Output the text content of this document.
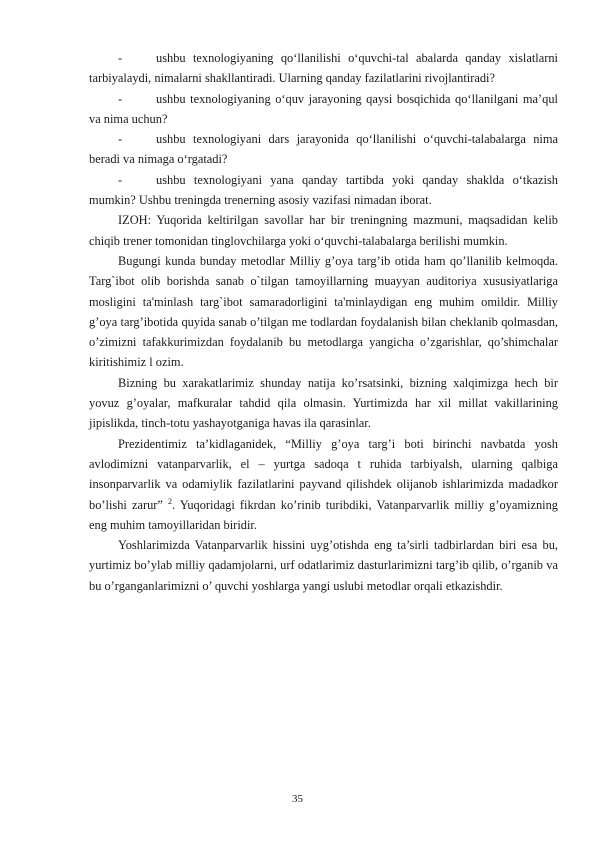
-	ushbu texnologiyaning qo‘llanilishi o‘quvchi-tal abalarda qanday xislatlarni tarbiyalaydi, nimalarni shakllantiradi. Ularning qanday fazilatlarini rivojlantiradi?

-	ushbu texnologiyaning o‘quv jarayoning qaysi bosqichida qo‘llanilgani ma’qul va nima uchun?

-	ushbu texnologiyani dars jarayonida qo‘llanilishi o‘quvchi-talabalarga nima beradi va nimaga o‘rgatadi?

-	ushbu texnologiyani yana qanday tartibda yoki qanday shaklda o‘tkazish mumkin? Ushbu treningda trenerning asosiy vazifasi nimadan iborat.

IZOH: Yuqorida keltirilgan savollar har bir treningning mazmuni, maqsadidan kelib chiqib trener tomonidan tinglovchilarga yoki o‘quvchi-talabalarga berilishi mumkin.

Bugungi kunda bunday metodlar Milliy g’oya targ’ib otida ham qo’llanilib kelmoqda. Targ`ibot olib borishda sanab o`tilgan tamoyillarning muayyan auditoriya xususiyatlariga mosligini ta'minlash targ`ibot samaradorligini ta'minlaydigan eng muhim omildir. Milliy g’oya targ’ibotida quyida sanab o’tilgan me todlardan foydalanish bilan cheklanib qolmasdan, o’zimizni tafakkurimizdan foydalanib bu metodlarga yangicha o’zgarishlar, qo’shimchalar kiritishimiz l ozim.

Bizning bu xarakatlarimiz shunday natija ko’rsatsinki, bizning xalqimizga hech bir yovuz g’oyalar, mafkuralar tahdid qila olmasin. Yurtimizda har xil millat vakillarining jipislikda, tinch-totu yashayotganiga havas ila qarasinlar.

Prezidentimiz ta’kidlaganidek, “Milliy g’oya targ’i boti birinchi navbatda yosh avlodimizni vatanparvarlik, el – yurtga sadoqa t ruhida tarbiyalsh, ularning qalbiga insonparvarlik va odamiylik fazilatlarini payvand qilishdek olijanob ishlarimizda madadkor bo’lishi zarur” $^2$. Yuqoridagi fikrdan ko’rinib turibdiki, Vatanparvarlik milliy g’oyamizning eng muhim tamoyillaridan biridir.

Yoshlarimizda Vatanparvarlik hissini uyg’otishda eng ta’sirli tadbirlardan biri esa bu, yurtimiz bo’ylab milliy qadamjolarni, urf odatlarimiz dasturlarimizni targ’ib qilib, o’rganib va bu o’rganganlarimizni o’ quvchi yoshlarga yangi uslubi metodlar orqali etkazishdir.

35
